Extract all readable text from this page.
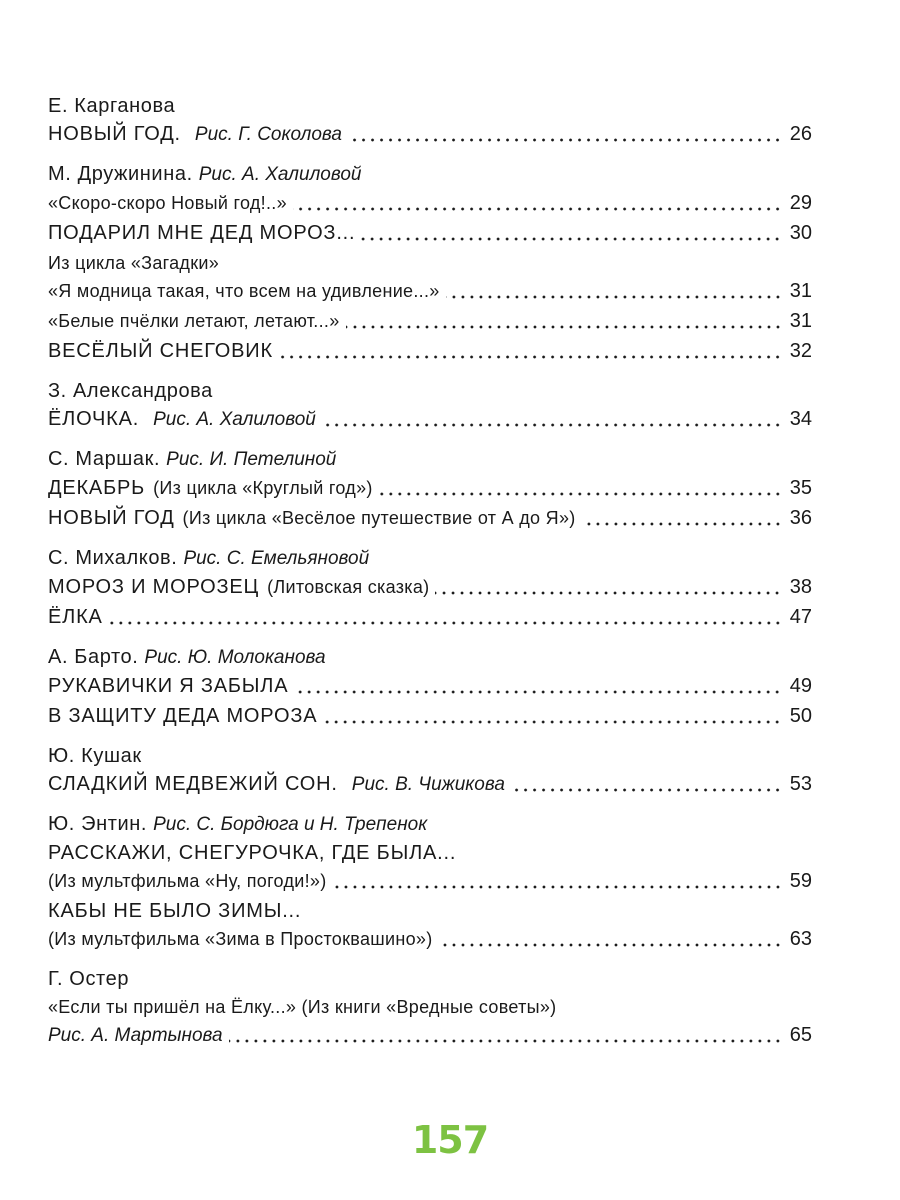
Е. Карганова
НОВЫЙ ГОД. Рис. Г. Соколова	26
М. Дружинина. Рис. А. Халиловой
«Скоро-скоро Новый год!..»	29
ПОДАРИЛ МНЕ ДЕД МОРОЗ...	30
Из цикла «Загадки»
«Я модница такая, что всем на удивление...»	31
«Белые пчёлки летают, летают...»	31
ВЕСЁЛЫЙ СНЕГОВИК	32
З. Александрова
ЁЛОЧКА. Рис. А. Халиловой	34
С. Маршак. Рис. И. Петелиной
ДЕКАБРЬ (Из цикла «Круглый год»)	35
НОВЫЙ ГОД (Из цикла «Весёлое путешествие от А до Я»)	36
С. Михалков. Рис. С. Емельяновой
МОРОЗ И МОРОЗЕЦ (Литовская сказка)	38
ЁЛКА	47
А. Барто. Рис. Ю. Молоканова
РУКАВИЧКИ Я ЗАБЫЛА	49
В ЗАЩИТУ ДЕДА МОРОЗА	50
Ю. Кушак
СЛАДКИЙ МЕДВЕЖИЙ СОН. Рис. В. Чижикова	53
Ю. Энтин. Рис. С. Бордюга и Н. Трепенок
РАССКАЖИ, СНЕГУРОЧКА, ГДЕ БЫЛА...
(Из мультфильма «Ну, погоди!»)	59
КАБЫ НЕ БЫЛО ЗИМЫ...
(Из мультфильма «Зима в Простоквашино»)	63
Г. Остер
«Если ты пришёл на Ёлку...» (Из книги «Вредные советы»)
Рис. А. Мартынова	65
157
